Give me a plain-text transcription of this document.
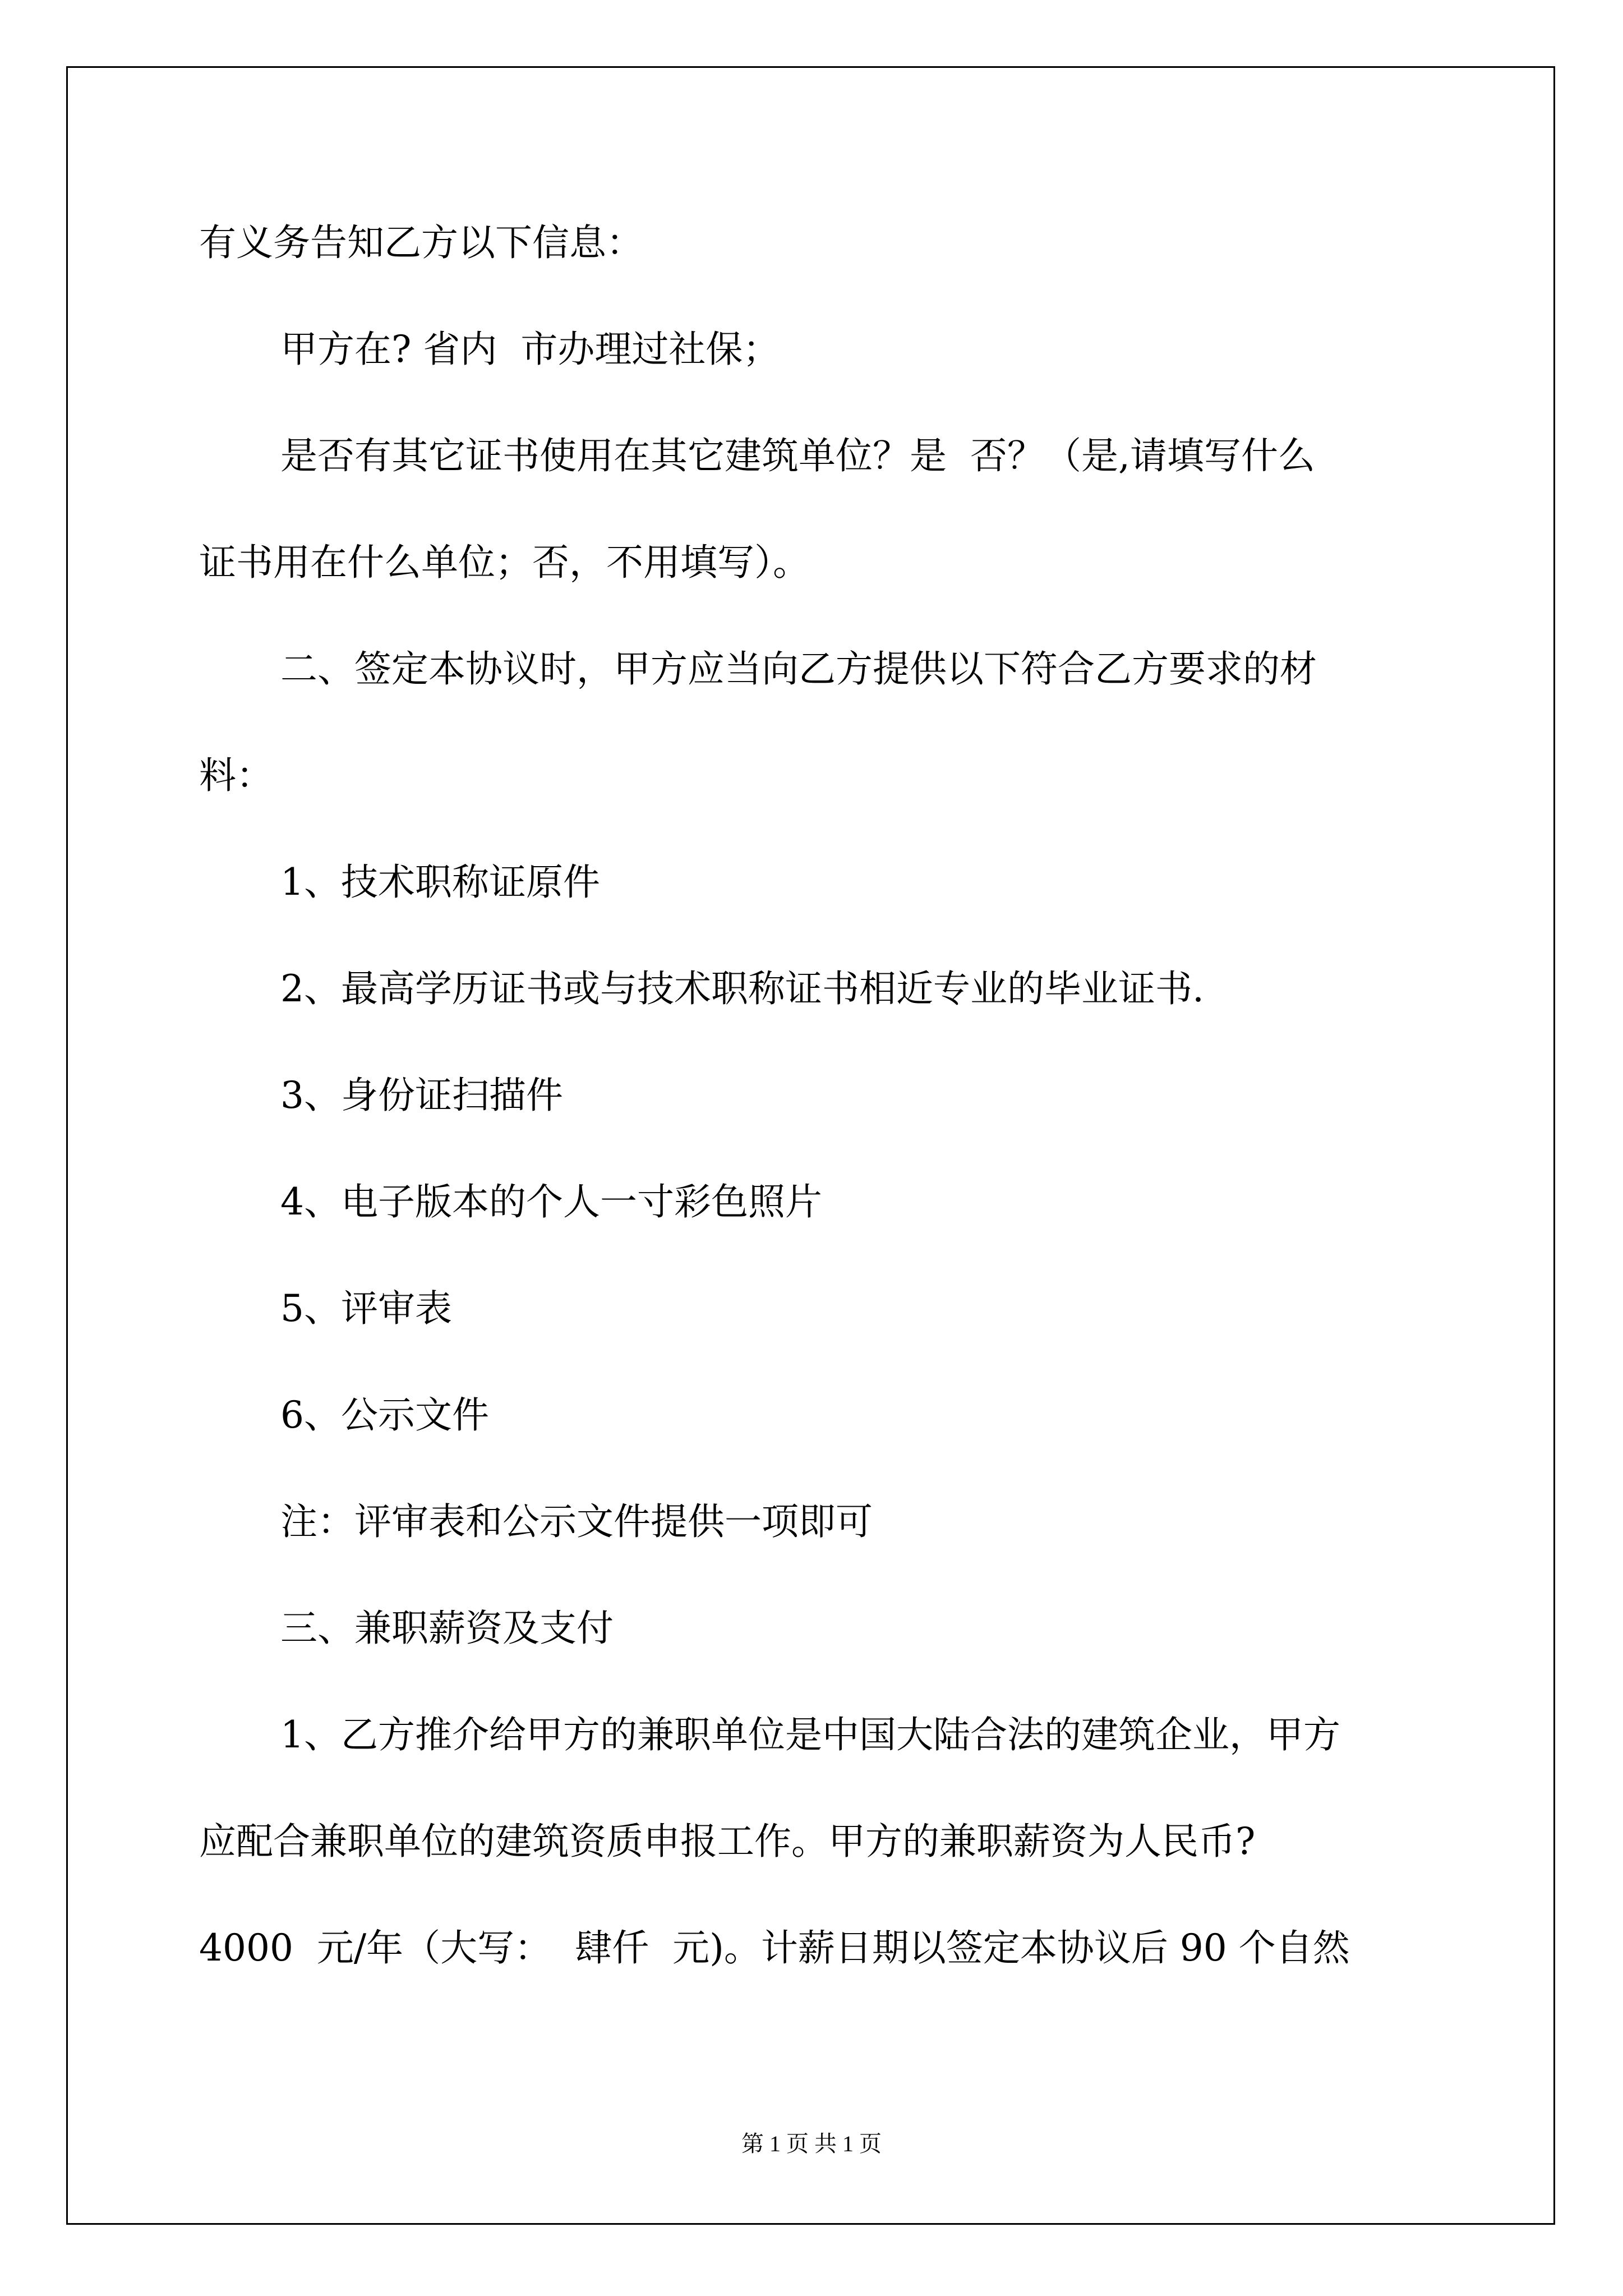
有义务告知乙方以下信息：
甲方在? 省内  市办理过社保；
是否有其它证书使用在其它建筑单位？是  否？（是,请填写什么
证书用在什么单位；否，不用填写）。
二、签定本协议时，甲方应当向乙方提供以下符合乙方要求的材
料：
1、技术职称证原件
2、最高学历证书或与技术职称证书相近专业的毕业证书.
3、身份证扫描件
4、电子版本的个人一寸彩色照片
5、评审表
6、公示文件
注：评审表和公示文件提供一项即可
三、兼职薪资及支付
1、乙方推介给甲方的兼职单位是中国大陆合法的建筑企业，甲方
应配合兼职单位的建筑资质申报工作。甲方的兼职薪资为人民币?
4000  元/年（大写：  肆仟  元)。计薪日期以签定本协议后 90 个自然
第 1 页 共 1 页
